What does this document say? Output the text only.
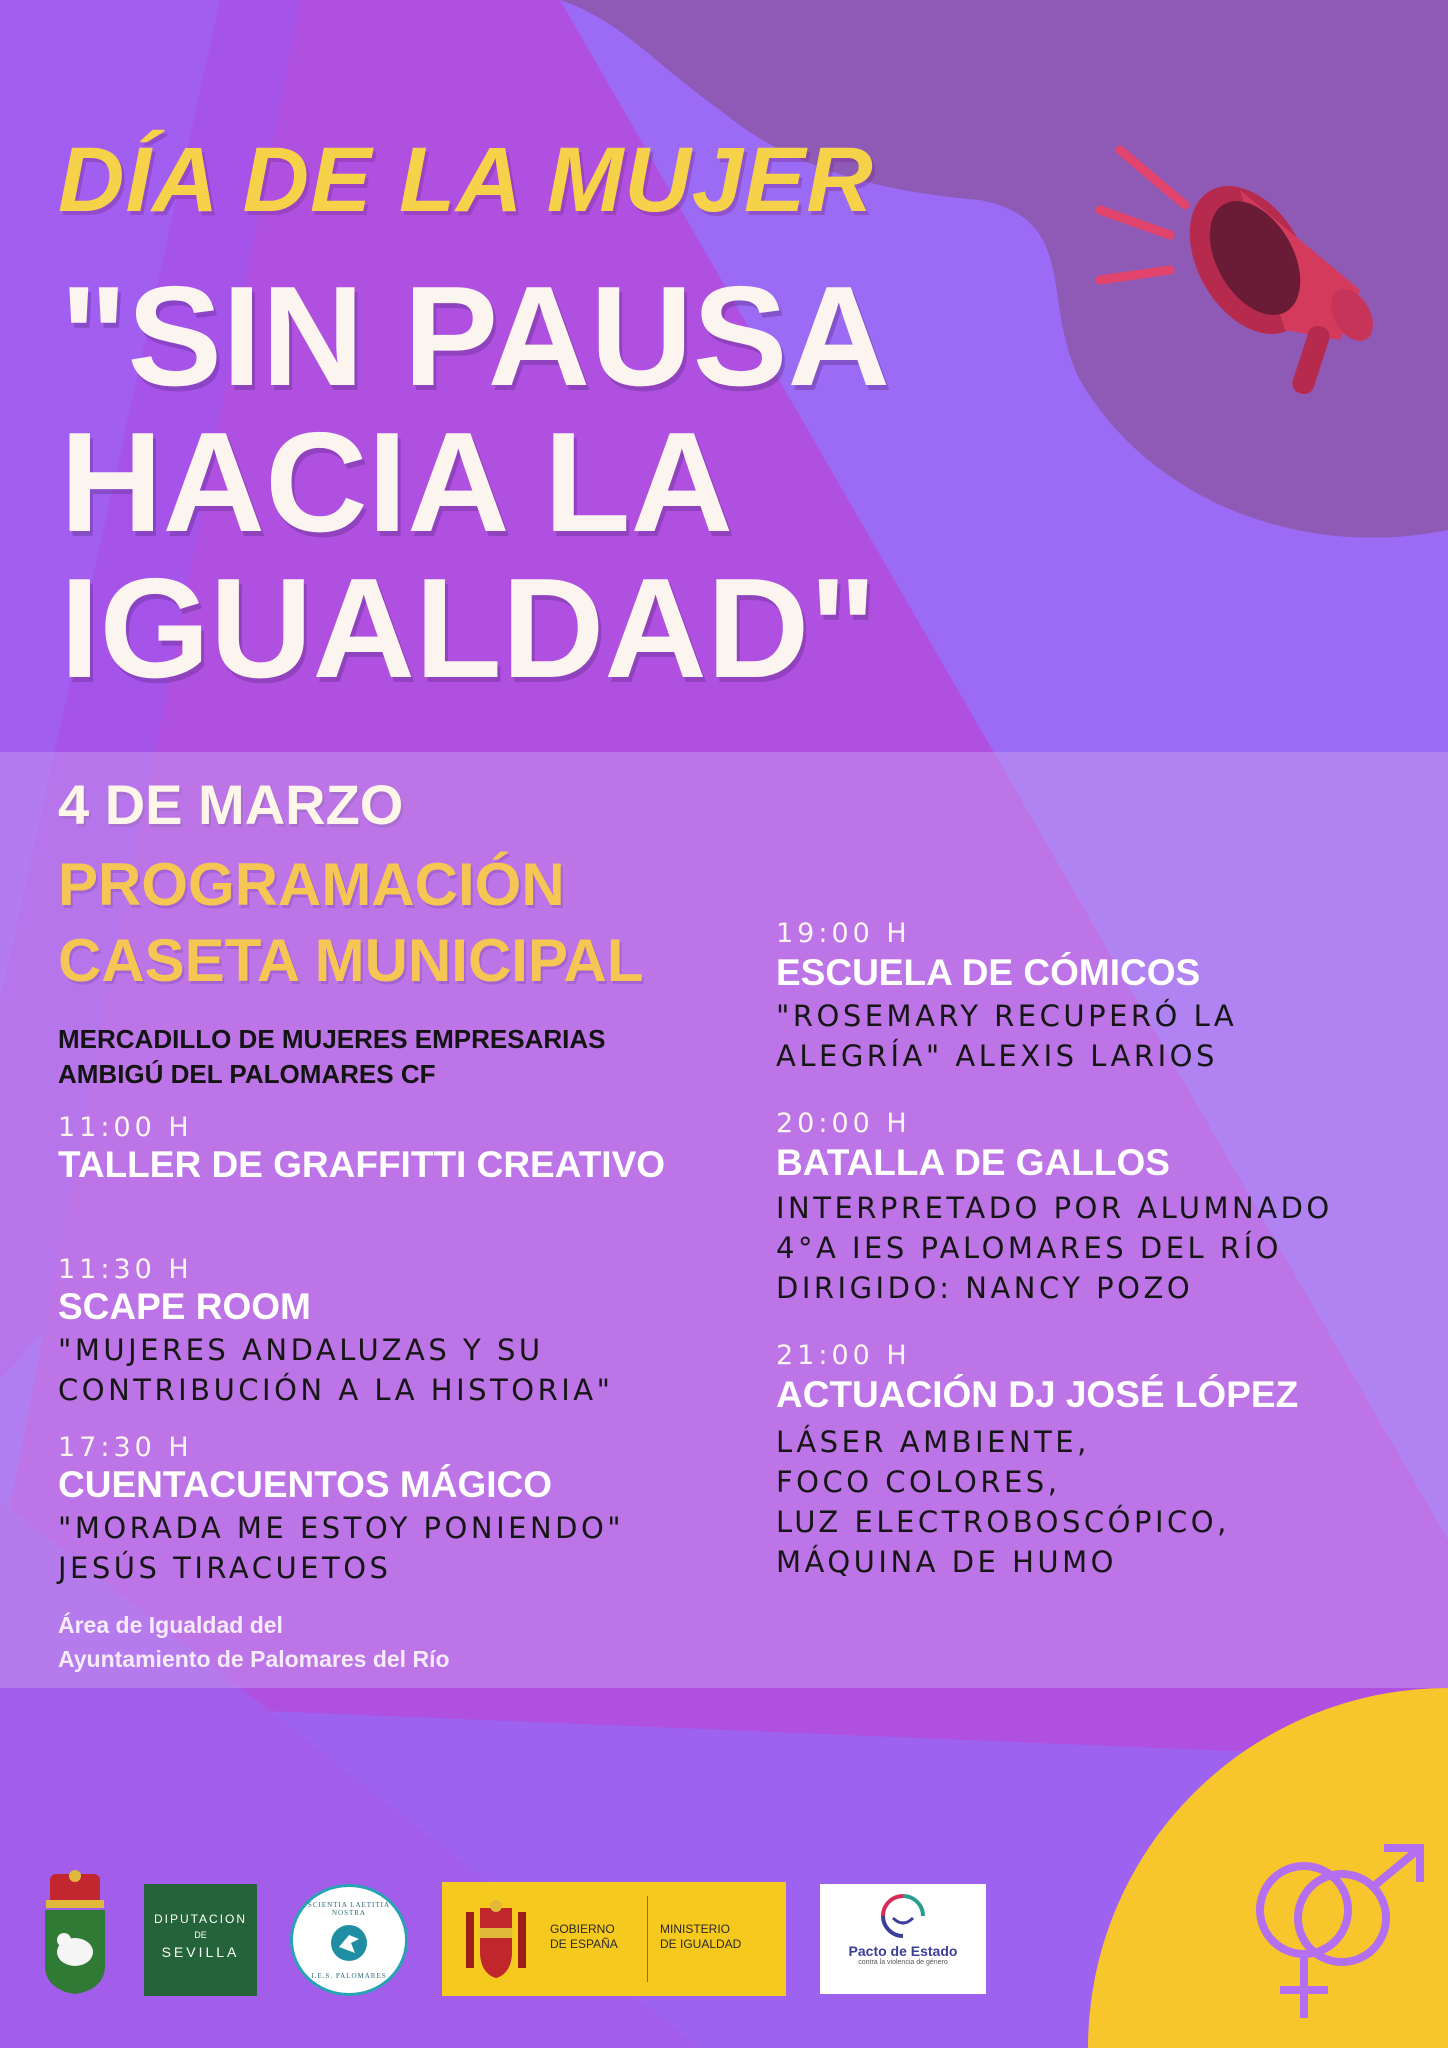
DÍA DE LA MUJER
"SIN PAUSA
HACIA LA
IGUALDAD"
4 DE MARZO
PROGRAMACIÓN
CASETA MUNICIPAL
MERCADILLO DE MUJERES EMPRESARIAS
AMBIGÚ DEL PALOMARES CF
11:00 H
TALLER DE GRAFFITTI CREATIVO
11:30 H
SCAPE ROOM
"MUJERES ANDALUZAS Y SU
CONTRIBUCIÓN A LA HISTORIA"
17:30 H
CUENTACUENTOS MÁGICO
"MORADA ME ESTOY PONIENDO"
JESÚS TIRACUETOS
19:00 H
ESCUELA DE CÓMICOS
"ROSEMARY RECUPERÓ LA
ALEGRÍA" ALEXIS LARIOS
20:00 H
BATALLA DE GALLOS
INTERPRETADO POR ALUMNADO
4°A IES PALOMARES DEL RÍO
DIRIGIDO: NANCY POZO
21:00 H
ACTUACIÓN DJ JOSÉ LÓPEZ
LÁSER AMBIENTE,
FOCO COLORES,
LUZ ELECTROBOSCÓPICO,
MÁQUINA DE HUMO
Área de Igualdad del
Ayuntamiento de Palomares del Río
DIPUTACION
DE
SEVILLA
SCIENTIA LAETITIA NOSTRA
I.E.S. PALOMARES
GOBIERNO
DE ESPAÑA
MINISTERIO
DE IGUALDAD	Pacto de Estado
contra la violencia de género
